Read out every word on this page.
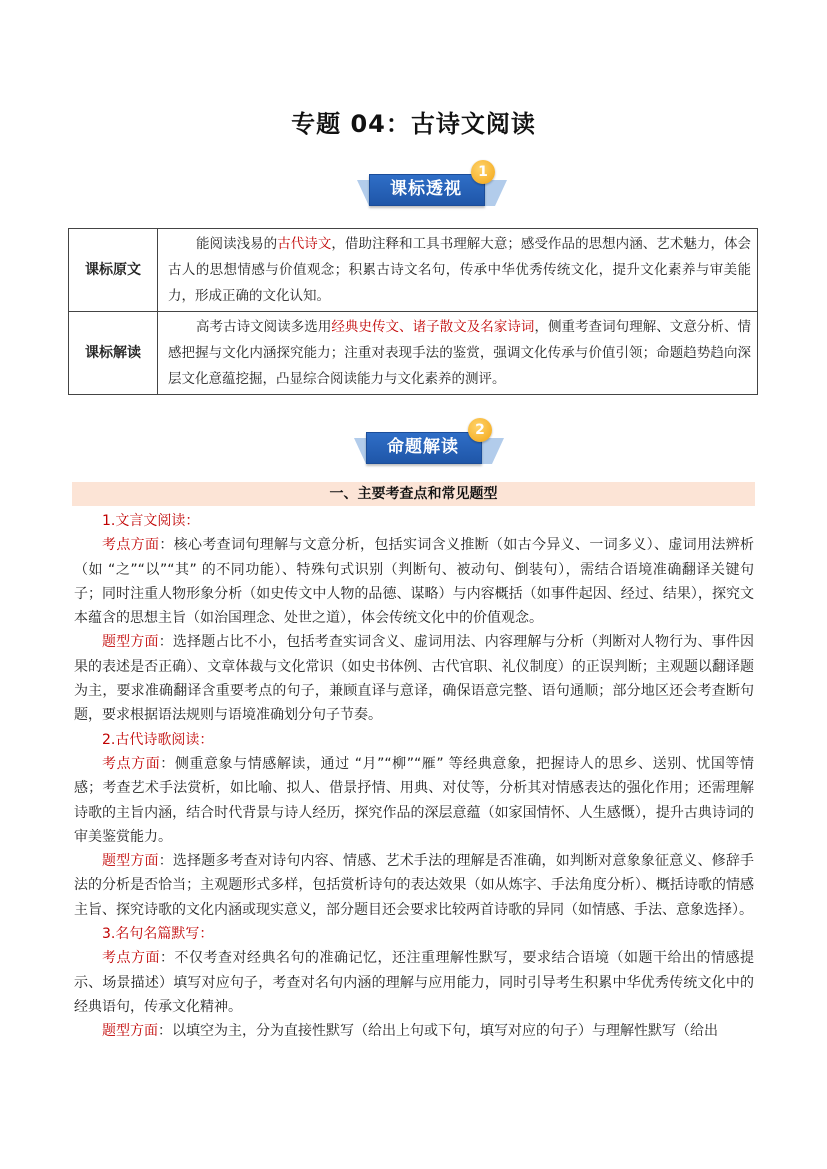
专题 04：古诗文阅读
课标透视
1
课标原文	能阅读浅易的古代诗文，借助注释和工具书理解大意；感受作品的思想内涵、艺术魅力，体会古人的思想情感与价值观念；积累古诗文名句，传承中华优秀传统文化，提升文化素养与审美能力，形成正确的文化认知。
课标解读	高考古诗文阅读多选用经典史传文、诸子散文及名家诗词，侧重考查词句理解、文意分析、情感把握与文化内涵探究能力；注重对表现手法的鉴赏，强调文化传承与价值引领；命题趋势趋向深层文化意蕴挖掘，凸显综合阅读能力与文化素养的测评。
命题解读
2
一、主要考查点和常见题型

1.文言文阅读：

考点方面：核心考查词句理解与文意分析，包括实词含义推断（如古今异义、一词多义）、虚词用法辨析（如 “之”“以”“其” 的不同功能）、特殊句式识别（判断句、被动句、倒装句），需结合语境准确翻译关键句子；同时注重人物形象分析（如史传文中人物的品德、谋略）与内容概括（如事件起因、经过、结果），探究文本蕴含的思想主旨（如治国理念、处世之道），体会传统文化中的价值观念。

题型方面：选择题占比不小，包括考查实词含义、虚词用法、内容理解与分析（判断对人物行为、事件因果的表述是否正确）、文章体裁与文化常识（如史书体例、古代官职、礼仪制度）的正误判断；主观题以翻译题为主，要求准确翻译含重要考点的句子，兼顾直译与意译，确保语意完整、语句通顺；部分地区还会考查断句题，要求根据语法规则与语境准确划分句子节奏。

2.古代诗歌阅读：

考点方面：侧重意象与情感解读，通过 “月”“柳”“雁” 等经典意象，把握诗人的思乡、送别、忧国等情感；考查艺术手法赏析，如比喻、拟人、借景抒情、用典、对仗等，分析其对情感表达的强化作用；还需理解诗歌的主旨内涵，结合时代背景与诗人经历，探究作品的深层意蕴（如家国情怀、人生感慨），提升古典诗词的审美鉴赏能力。

题型方面：选择题多考查对诗句内容、情感、艺术手法的理解是否准确，如判断对意象象征意义、修辞手法的分析是否恰当；主观题形式多样，包括赏析诗句的表达效果（如从炼字、手法角度分析）、概括诗歌的情感主旨、探究诗歌的文化内涵或现实意义，部分题目还会要求比较两首诗歌的异同（如情感、手法、意象选择）。

3.名句名篇默写：

考点方面：不仅考查对经典名句的准确记忆，还注重理解性默写，要求结合语境（如题干给出的情感提示、场景描述）填写对应句子，考查对名句内涵的理解与应用能力，同时引导考生积累中华优秀传统文化中的经典语句，传承文化精神。

题型方面：以填空为主，分为直接性默写（给出上句或下句，填写对应的句子）与理解性默写（给出
